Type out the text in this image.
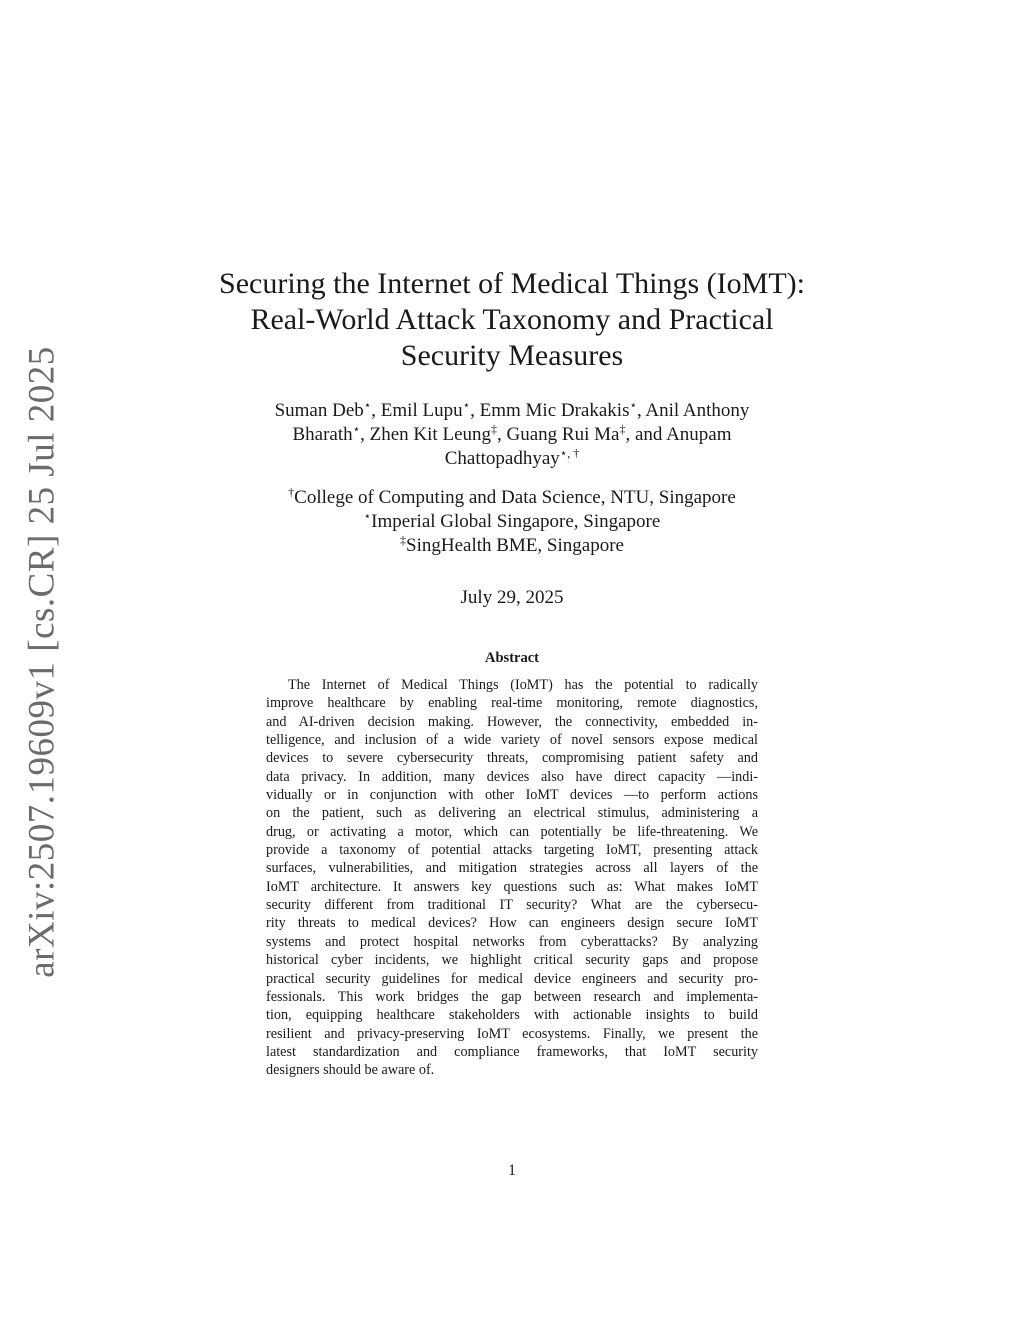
arXiv:2507.19609v1 [cs.CR] 25 Jul 2025
Securing the Internet of Medical Things (IoMT):
Real-World Attack Taxonomy and Practical
Security Measures
Suman Deb⋆, Emil Lupu⋆, Emm Mic Drakakis⋆, Anil Anthony
Bharath⋆, Zhen Kit Leung‡, Guang Rui Ma‡, and Anupam
Chattopadhyay⋆, †
†College of Computing and Data Science, NTU, Singapore
⋆Imperial Global Singapore, Singapore
‡SingHealth BME, Singapore
July 29, 2025
Abstract
The Internet of Medical Things (IoMT) has the potential to radically
improve healthcare by enabling real-time monitoring, remote diagnostics,
and AI-driven decision making. However, the connectivity, embedded in-
telligence, and inclusion of a wide variety of novel sensors expose medical
devices to severe cybersecurity threats, compromising patient safety and
data privacy. In addition, many devices also have direct capacity —indi-
vidually or in conjunction with other IoMT devices —to perform actions
on the patient, such as delivering an electrical stimulus, administering a
drug, or activating a motor, which can potentially be life-threatening. We
provide a taxonomy of potential attacks targeting IoMT, presenting attack
surfaces, vulnerabilities, and mitigation strategies across all layers of the
IoMT architecture. It answers key questions such as: What makes IoMT
security different from traditional IT security? What are the cybersecu-
rity threats to medical devices? How can engineers design secure IoMT
systems and protect hospital networks from cyberattacks? By analyzing
historical cyber incidents, we highlight critical security gaps and propose
practical security guidelines for medical device engineers and security pro-
fessionals. This work bridges the gap between research and implementa-
tion, equipping healthcare stakeholders with actionable insights to build
resilient and privacy-preserving IoMT ecosystems. Finally, we present the
latest standardization and compliance frameworks, that IoMT security
designers should be aware of.
1
